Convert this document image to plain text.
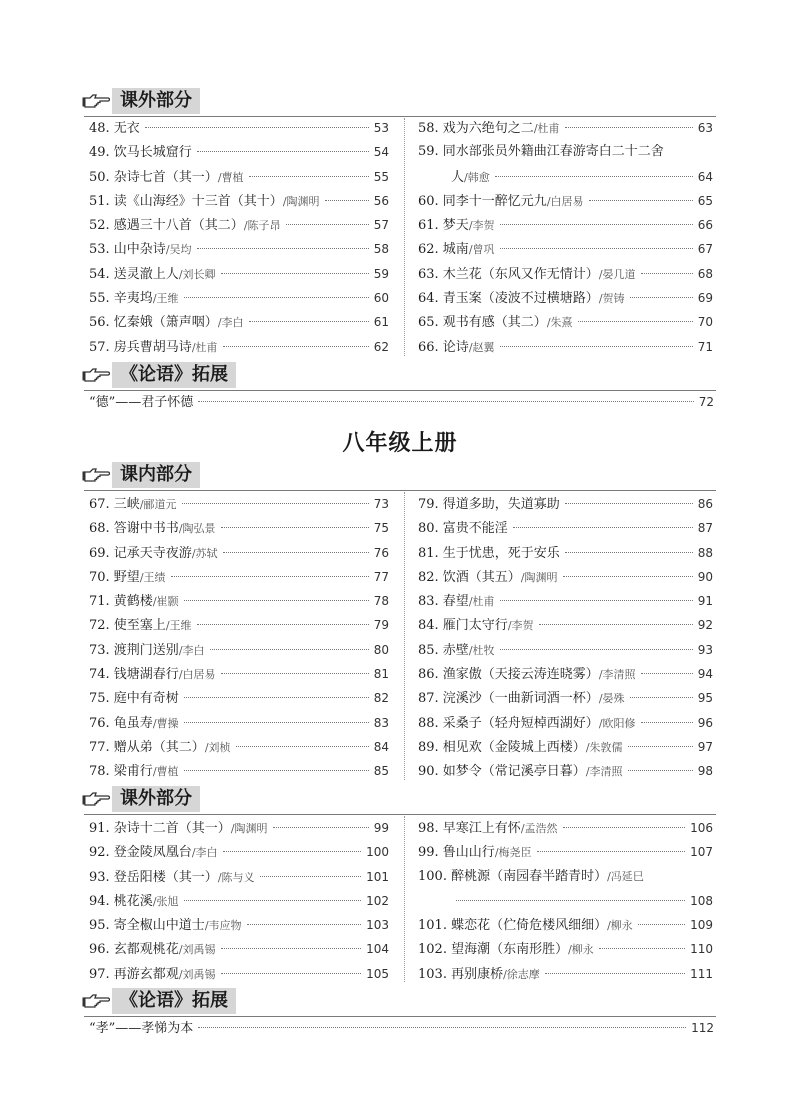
课外部分
48. 无衣	53
49. 饮马长城窟行	54
50. 杂诗七首（其一） /曹植	55
51. 读《山海经》十三首（其十） /陶渊明	56
52. 感遇三十八首（其二） /陈子昂	57
53. 山中杂诗 /吴均	58
54. 送灵澈上人 /刘长卿	59
55. 辛夷坞 /王维	60
56. 忆秦娥（箫声咽） /李白	61
57. 房兵曹胡马诗 /杜甫	62
58. 戏为六绝句之二 /杜甫	63
59. 同水部张员外籍曲江春游寄白二十二舍
人 /韩愈	64
60. 同李十一醉忆元九 /白居易	65
61. 梦天 /李贺	66
62. 城南 /曾巩	67
63. 木兰花（东风又作无情计） /晏几道	68
64. 青玉案（凌波不过横塘路） /贺铸	69
65. 观书有感（其二） /朱熹	70
66. 论诗 /赵翼	71
《论语》拓展
“德”——君子怀德	72
八年级上册
课内部分
67. 三峡 /郦道元	73
68. 答谢中书书 /陶弘景	75
69. 记承天寺夜游 /苏轼	76
70. 野望 /王绩	77
71. 黄鹤楼 /崔颢	78
72. 使至塞上 /王维	79
73. 渡荆门送别 /李白	80
74. 钱塘湖春行 /白居易	81
75. 庭中有奇树	82
76. 龟虽寿 /曹操	83
77. 赠从弟（其二） /刘桢	84
78. 梁甫行 /曹植	85
79. 得道多助，失道寡助	86
80. 富贵不能淫	87
81. 生于忧患，死于安乐	88
82. 饮酒（其五） /陶渊明	90
83. 春望 /杜甫	91
84. 雁门太守行 /李贺	92
85. 赤壁 /杜牧	93
86. 渔家傲（天接云涛连晓雾） /李清照	94
87. 浣溪沙（一曲新词酒一杯） /晏殊	95
88. 采桑子（轻舟短棹西湖好） /欧阳修	96
89. 相见欢（金陵城上西楼） /朱敦儒	97
90. 如梦令（常记溪亭日暮） /李清照	98
课外部分
91. 杂诗十二首（其一） /陶渊明	99
92. 登金陵凤凰台 /李白	100
93. 登岳阳楼（其一） /陈与义	101
94. 桃花溪 /张旭	102
95. 寄全椒山中道士 /韦应物	103
96. 玄都观桃花 /刘禹锡	104
97. 再游玄都观 /刘禹锡	105
98. 早寒江上有怀 /孟浩然	106
99. 鲁山山行 /梅尧臣	107
100. 醉桃源（南园春半踏青时） /冯延巳
108
101. 蝶恋花（伫倚危楼风细细） /柳永	109
102. 望海潮（东南形胜） /柳永	110
103. 再别康桥 /徐志摩	111
《论语》拓展
“孝”——孝悌为本	112
